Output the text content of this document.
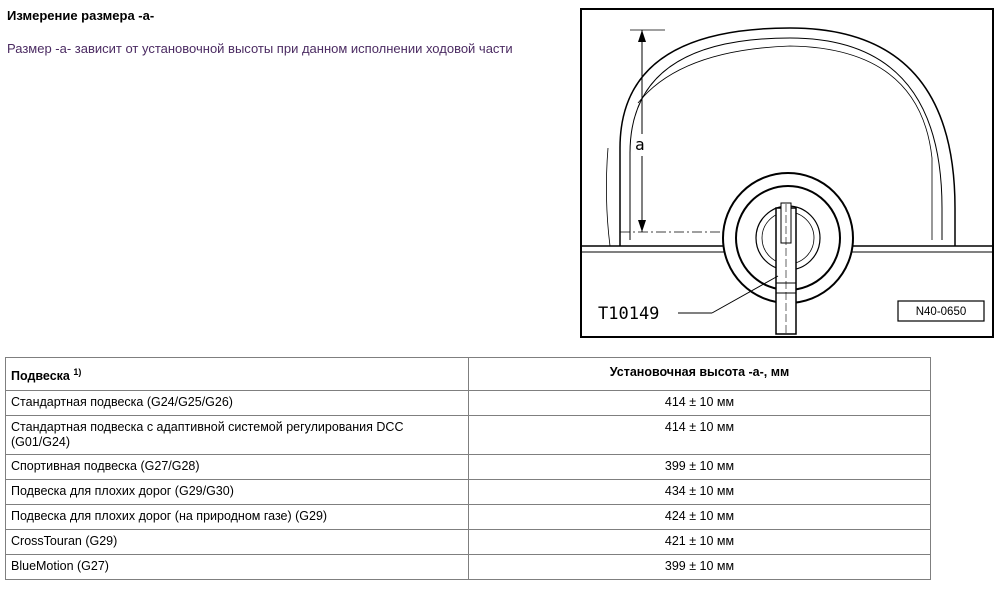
Измерение размера -a-
Размер -a- зависит от установочной высоты при данном исполнении ходовой части
a
T10149	N40-0650
Подвеска $^{1)}$	Установочная высота -a-, мм
Стандартная подвеска (G24/G25/G26)	414 ± 10 мм
Стандартная подвеска с адаптивной системой регулирования DCC (G01/G24)	414 ± 10 мм
Спортивная подвеска (G27/G28)	399 ± 10 мм
Подвеска для плохих дорог (G29/G30)	434 ± 10 мм
Подвеска для плохих дорог (на природном газе) (G29)	424 ± 10 мм
CrossTouran (G29)	421 ± 10 мм
BlueMotion (G27)	399 ± 10 мм
